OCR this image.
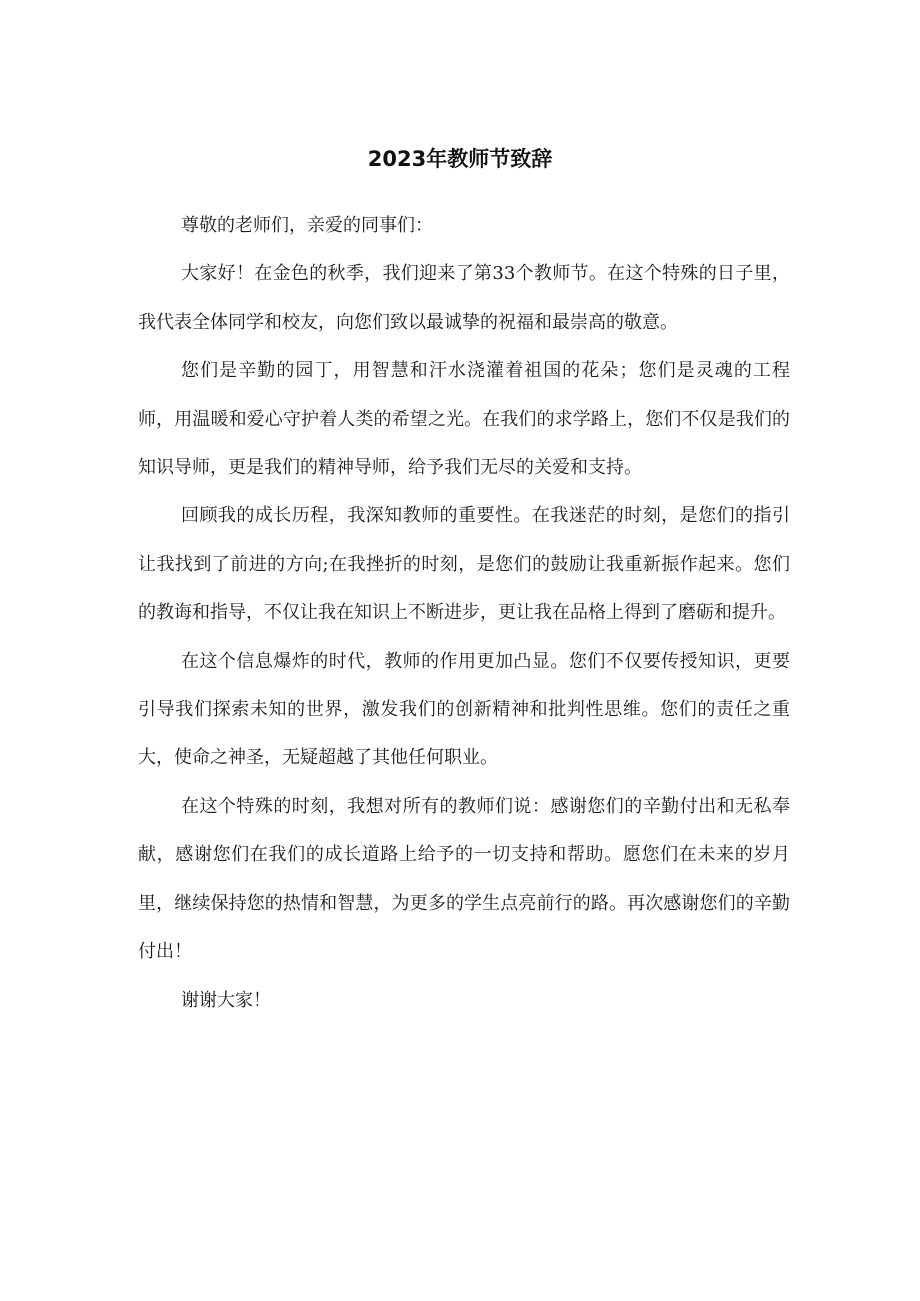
2023年教师节致辞

尊敬的老师们，亲爱的同事们：

大家好！在金色的秋季，我们迎来了第33个教师节。在这个特殊的日子里，我代表全体同学和校友，向您们致以最诚挚的祝福和最崇高的敬意。

您们是辛勤的园丁，用智慧和汗水浇灌着祖国的花朵；您们是灵魂的工程师，用温暖和爱心守护着人类的希望之光。在我们的求学路上，您们不仅是我们的知识导师，更是我们的精神导师，给予我们无尽的关爱和支持。

回顾我的成长历程，我深知教师的重要性。在我迷茫的时刻，是您们的指引让我找到了前进的方向;在我挫折的时刻，是您们的鼓励让我重新振作起来。您们的教诲和指导，不仅让我在知识上不断进步，更让我在品格上得到了磨砺和提升。

在这个信息爆炸的时代，教师的作用更加凸显。您们不仅要传授知识，更要引导我们探索未知的世界，激发我们的创新精神和批判性思维。您们的责任之重大，使命之神圣，无疑超越了其他任何职业。

在这个特殊的时刻，我想对所有的教师们说：感谢您们的辛勤付出和无私奉献，感谢您们在我们的成长道路上给予的一切支持和帮助。愿您们在未来的岁月里，继续保持您的热情和智慧，为更多的学生点亮前行的路。再次感谢您们的辛勤付出！

谢谢大家！
